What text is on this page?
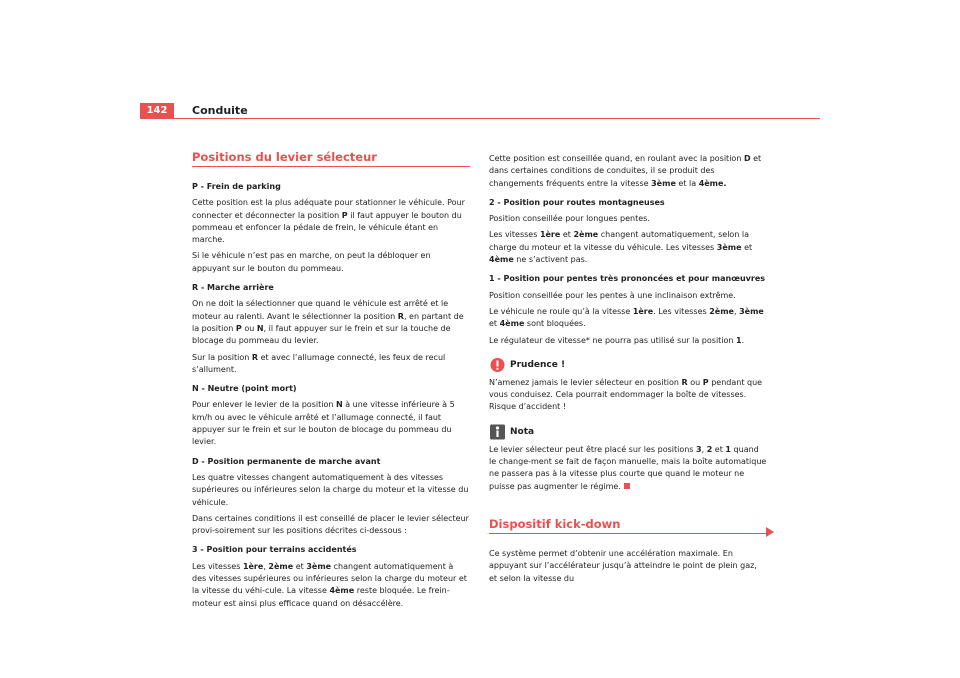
142	Conduite
Positions du levier sélecteur

P - Frein de parking

Cette position est la plus adéquate pour stationner le véhicule. Pour connecter et déconnecter la position P il faut appuyer le bouton du pommeau et enfoncer la pédale de frein, le véhicule étant en marche.

Si le véhicule n’est pas en marche, on peut la débloquer en appuyant sur le bouton du pommeau.

R - Marche arrière

On ne doit la sélectionner que quand le véhicule est arrêté et le moteur au ralenti. Avant le sélectionner la position R, en partant de la position P ou N, il faut appuyer sur le frein et sur la touche de blocage du pommeau du levier.

Sur la position R et avec l’allumage connecté, les feux de recul s’allument.

N - Neutre (point mort)

Pour enlever le levier de la position N à une vitesse inférieure à 5 km/h ou avec le véhicule arrêté et l’allumage connecté, il faut appuyer sur le frein et sur le bouton de blocage du pommeau du levier.

D - Position permanente de marche avant

Les quatre vitesses changent automatiquement à des vitesses supérieures ou inférieures selon la charge du moteur et la vitesse du véhicule.

Dans certaines conditions il est conseillé de placer le levier sélecteur provi-soirement sur les positions décrites ci-dessous :

3 - Position pour terrains accidentés

Les vitesses 1ère, 2ème et 3ème changent automatiquement à des vitesses supérieures ou inférieures selon la charge du moteur et la vitesse du véhi-cule. La vitesse 4ème reste bloquée. Le frein-moteur est ainsi plus efficace quand on désaccélère.

Cette position est conseillée quand, en roulant avec la position D et dans certaines conditions de conduites, il se produit des changements fréquents entre la vitesse 3ème et la 4ème.

2 - Position pour routes montagneuses

Position conseillée pour longues pentes.

Les vitesses 1ère et 2ème changent automatiquement, selon la charge du moteur et la vitesse du véhicule. Les vitesses 3ème et 4ème ne s’activent pas.

1 - Position pour pentes très prononcées et pour manœuvres

Position conseillée pour les pentes à une inclinaison extrême.

Le véhicule ne roule qu’à la vitesse 1ère. Les vitesses 2ème, 3ème et 4ème sont bloquées.

Le régulateur de vitesse* ne pourra pas utilisé sur la position 1.

Prudence !

N’amenez jamais le levier sélecteur en position R ou P pendant que vous conduisez. Cela pourrait endommager la boîte de vitesses. Risque d’accident !

Nota

Le levier sélecteur peut être placé sur les positions 3, 2 et 1 quand le change-ment se fait de façon manuelle, mais la boîte automatique ne passera pas à la vitesse plus courte que quand le moteur ne puisse pas augmenter le régime.

Dispositif kick-down

Ce système permet d’obtenir une accélération maximale. En appuyant sur l’accélérateur jusqu’à atteindre le point de plein gaz, et selon la vitesse du
